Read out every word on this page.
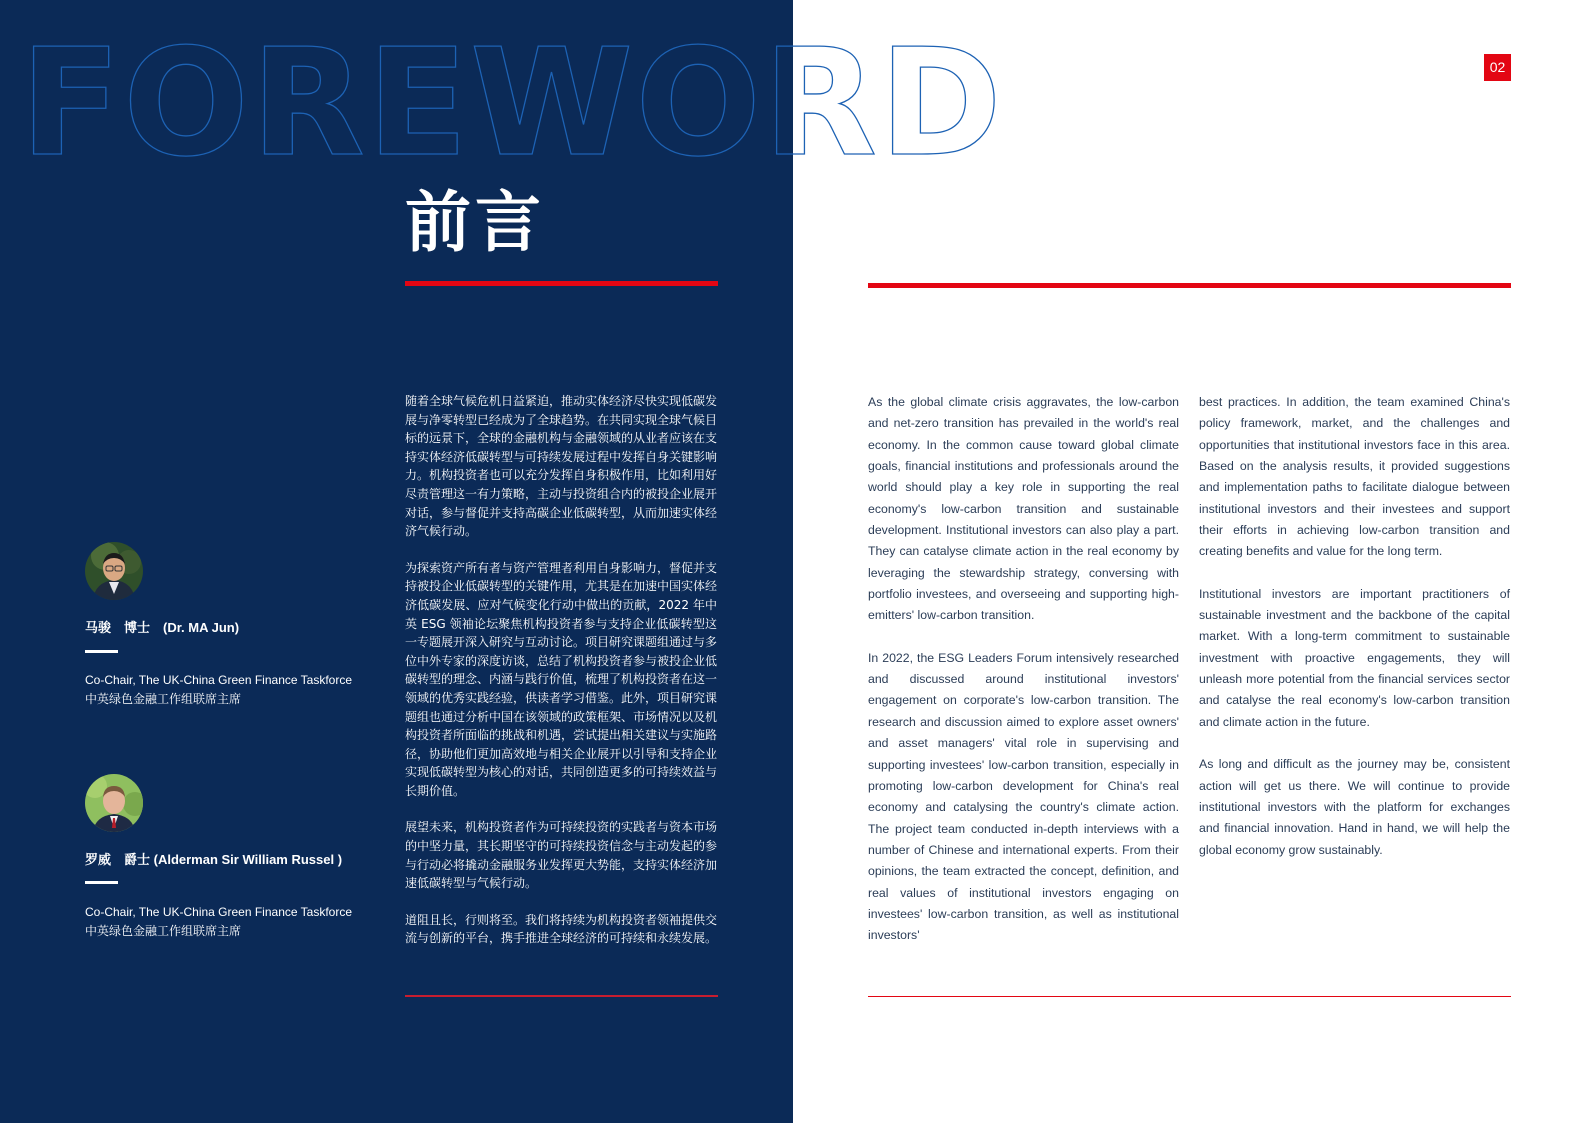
FOREWORD
前言

马骏　博士　(Dr. MA Jun)

Co-Chair, The UK-China Green Finance Taskforce
中英绿色金融工作组联席主席

罗威　爵士 (Alderman Sir William Russel )

Co-Chair, The UK-China Green Finance Taskforce
中英绿色金融工作组联席主席

随着全球气候危机日益紧迫，推动实体经济尽快实现低碳发展与净零转型已经成为了全球趋势。在共同实现全球气候目标的远景下，全球的金融机构与金融领域的从业者应该在支持实体经济低碳转型与可持续发展过程中发挥自身关键影响力。机构投资者也可以充分发挥自身积极作用，比如利用好尽责管理这一有力策略，主动与投资组合内的被投企业展开对话，参与督促并支持高碳企业低碳转型，从而加速实体经济气候行动。

为探索资产所有者与资产管理者利用自身影响力，督促并支持被投企业低碳转型的关键作用，尤其是在加速中国实体经济低碳发展、应对气候变化行动中做出的贡献，2022 年中英 ESG 领袖论坛聚焦机构投资者参与支持企业低碳转型这一专题展开深入研究与互动讨论。项目研究课题组通过与多位中外专家的深度访谈，总结了机构投资者参与被投企业低碳转型的理念、内涵与践行价值，梳理了机构投资者在这一领域的优秀实践经验，供读者学习借鉴。此外，项目研究课题组也通过分析中国在该领域的政策框架、市场情况以及机构投资者所面临的挑战和机遇，尝试提出相关建议与实施路径，协助他们更加高效地与相关企业展开以引导和支持企业实现低碳转型为核心的对话，共同创造更多的可持续效益与长期价值。

展望未来，机构投资者作为可持续投资的实践者与资本市场的中坚力量，其长期坚守的可持续投资信念与主动发起的参与行动必将撬动金融服务业发挥更大势能，支持实体经济加速低碳转型与气候行动。

道阻且长，行则将至。我们将持续为机构投资者领袖提供交流与创新的平台，携手推进全球经济的可持续和永续发展。

02

As the global climate crisis aggravates, the low-carbon and net-zero transition has prevailed in the world's real economy. In the common cause toward global climate goals, financial institutions and professionals around the world should play a key role in supporting the real economy's low-carbon transition and sustainable development. Institutional investors can also play a part. They can catalyse climate action in the real economy by leveraging the stewardship strategy, conversing with portfolio investees, and overseeing and supporting high-emitters' low-carbon transition.

In 2022, the ESG Leaders Forum intensively researched and discussed around institutional investors' engagement on corporate's low-carbon transition. The research and discussion aimed to explore asset owners' and asset managers' vital role in supervising and supporting investees' low-carbon transition, especially in promoting low-carbon development for China's real economy and catalysing the country's climate action. The project team conducted in-depth interviews with a number of Chinese and international experts. From their opinions, the team extracted the concept, definition, and real values of institutional investors engaging on investees' low-carbon transition, as well as institutional investors'

best practices. In addition, the team examined China's policy framework, market, and the challenges and opportunities that institutional investors face in this area. Based on the analysis results, it provided suggestions and implementation paths to facilitate dialogue between institutional investors and their investees and support their efforts in achieving low-carbon transition and creating benefits and value for the long term.

Institutional investors are important practitioners of sustainable investment and the backbone of the capital market. With a long-term commitment to sustainable investment with proactive engagements, they will unleash more potential from the financial services sector and catalyse the real economy's low-carbon transition and climate action in the future.

As long and difficult as the journey may be, consistent action will get us there. We will continue to provide institutional investors with the platform for exchanges and financial innovation. Hand in hand, we will help the global economy grow sustainably.
